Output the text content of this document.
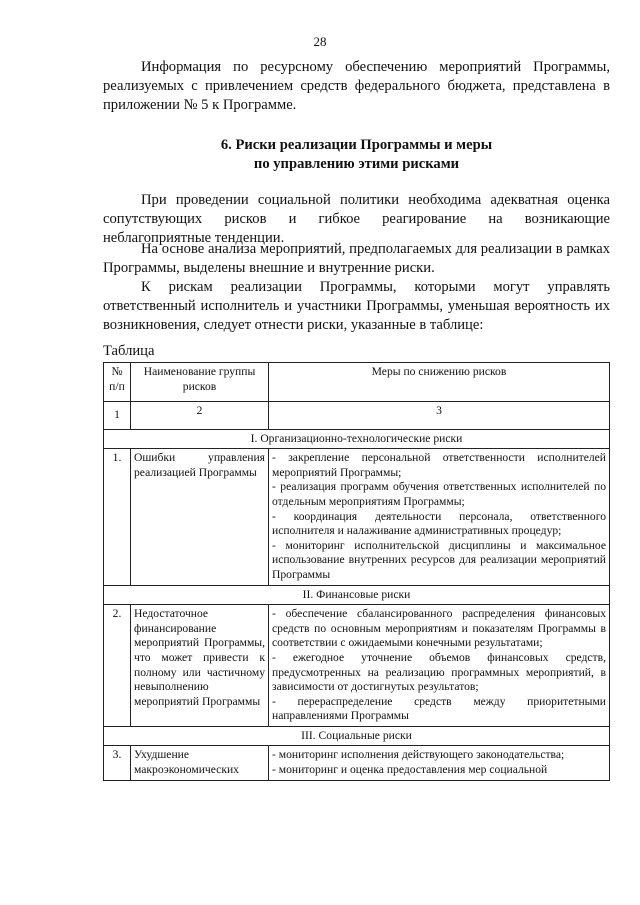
28

Информация по ресурсному обеспечению мероприятий Программы, реализуемых с привлечением средств федерального бюджета, представлена в приложении № 5 к Программе.

6. Риски реализации Программы и меры
по управлению этими рисками

При проведении социальной политики необходима адекватная оценка сопутствующих рисков и гибкое реагирование на возникающие неблагоприятные тенденции.

На основе анализа мероприятий, предполагаемых для реализации в рамках Программы, выделены внешние и внутренние риски.

К рискам реализации Программы, которыми могут управлять ответственный исполнитель и участники Программы, уменьшая вероятность их возникновения, следует отнести риски, указанные в таблице:

Таблица
№ п/п	Наименование группы рисков	Меры по снижению рисков
1	2	3
I. Организационно-технологические риски		
1.	Ошибки управления реализацией Программы	- закрепление персональной ответственности исполнителей мероприятий Программы;
- реализация программ обучения ответственных исполнителей по отдельным мероприятиям Программы;
- координация деятельности персонала, ответственного исполнителя и налаживание административных процедур;
- мониторинг исполнительской дисциплины и максимальное использование внутренних ресурсов для реализации мероприятий Программы

II. Финансовые риски		
2.	Недостаточное финансирование мероприятий Программы, что может привести к полному или частичному невыполнению мероприятий Программы	- обеспечение сбалансированного распределения финансовых средств по основным мероприятиям и показателям Программы в соответствии с ожидаемыми конечными результатами;
- ежегодное уточнение объемов финансовых средств, предусмотренных на реализацию программных мероприятий, в зависимости от достигнутых результатов;
- перераспределение средств между приоритетными направлениями Программы

III. Социальные риски		
3.	Ухудшение макроэкономических	- мониторинг исполнения действующего законодательства;
- мониторинг и оценка предоставления мер социальной
